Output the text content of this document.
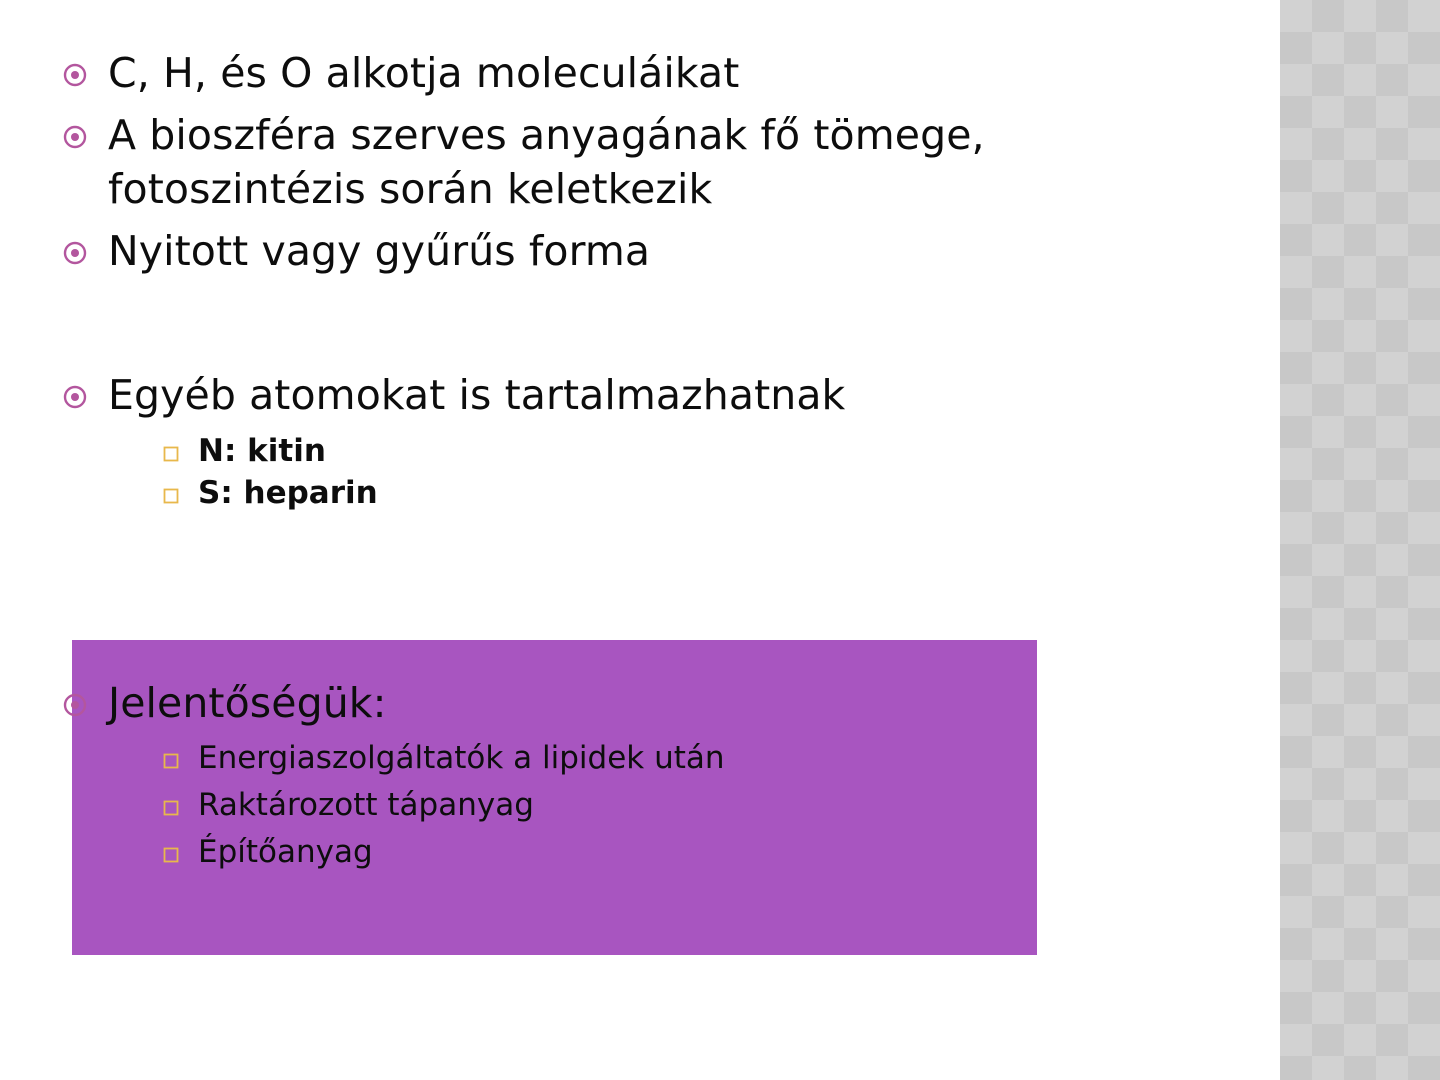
C, H, és O alkotja moleculáikat
A bioszféra szerves anyagának fő tömege, fotoszintézis során keletkezik
Nyitott vagy gyűrűs forma
Egyéb atomokat is tartalmazhatnak
N: kitin
S: heparin
Jelentőségük:
Energiaszolgáltatók a lipidek után
Raktározott tápanyag
Építőanyag
